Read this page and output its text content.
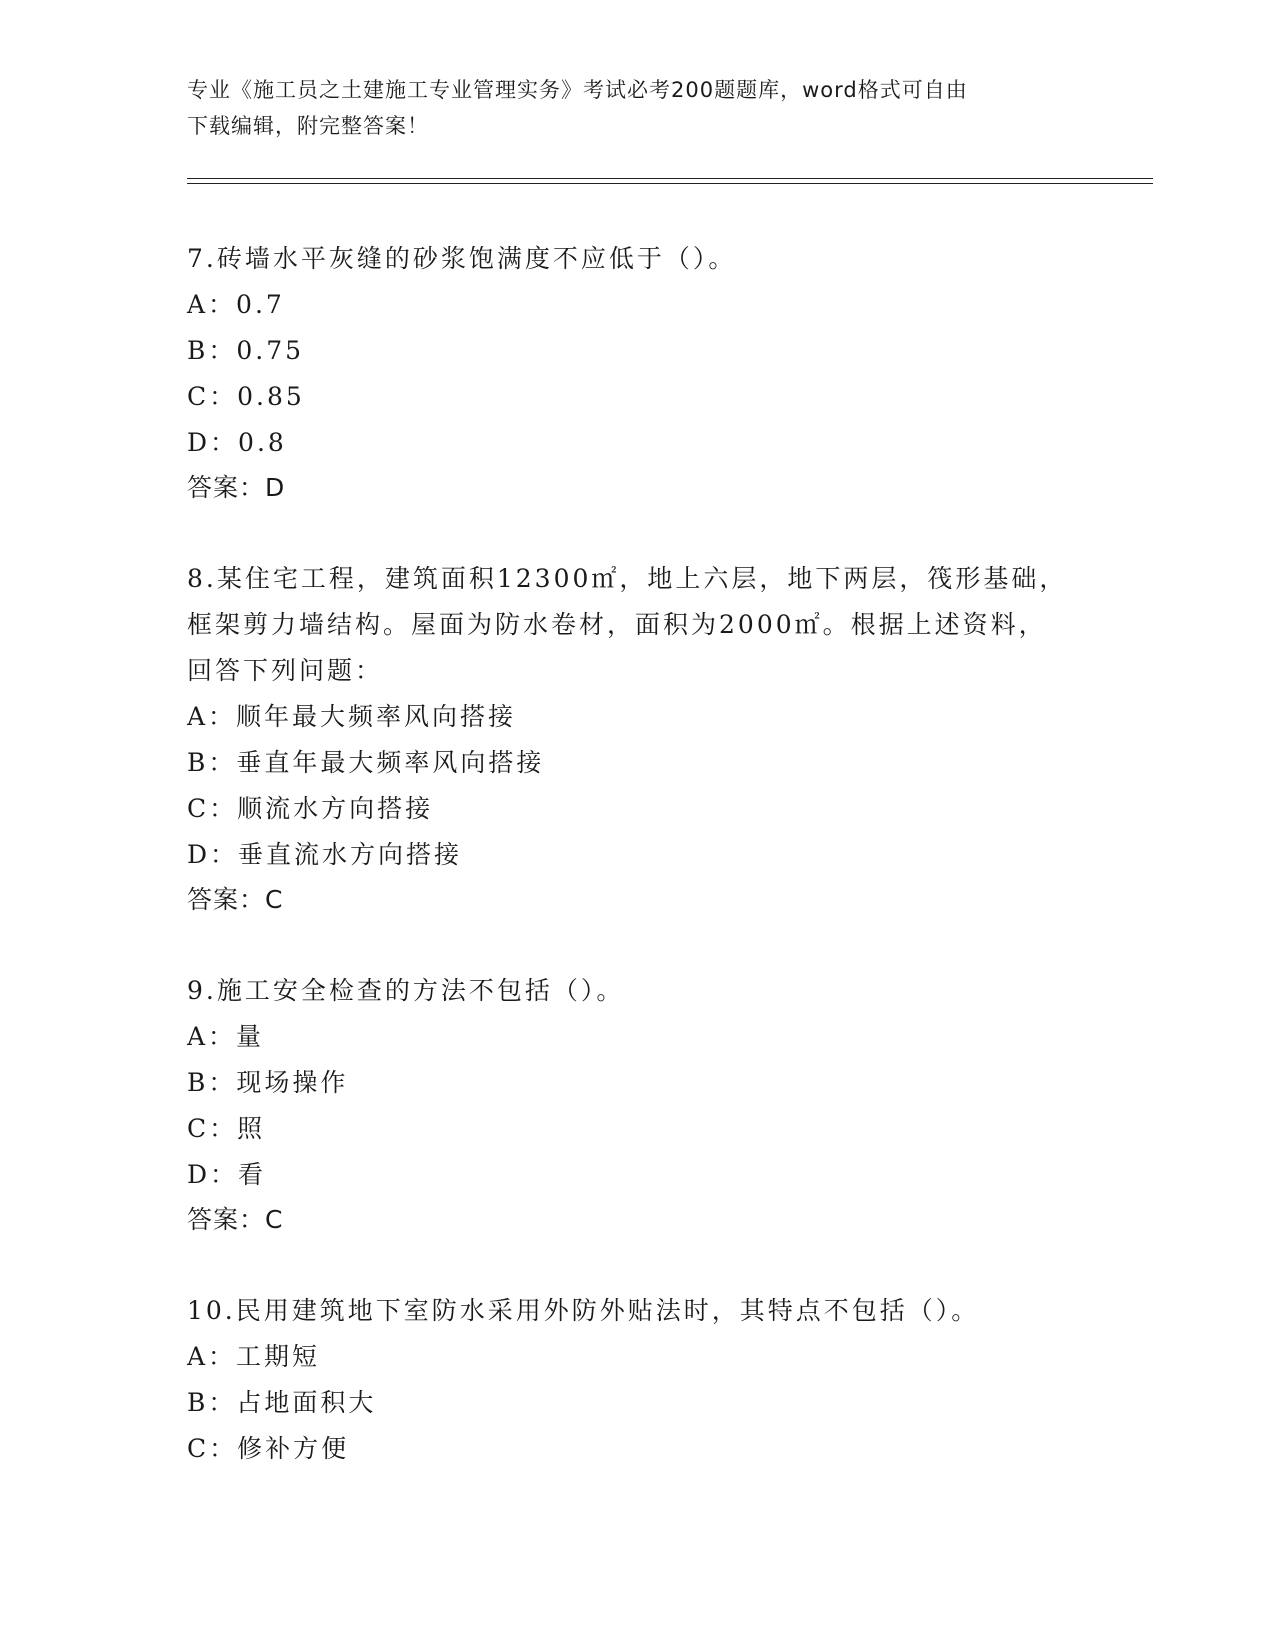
专业《施工员之土建施工专业管理实务》考试必考200题题库，word格式可自由
下载编辑，附完整答案！
7.砖墙水平灰缝的砂浆饱满度不应低于（）。
A：0.7
B：0.75
C：0.85
D：0.8
答案：D
8.某住宅工程，建筑面积12300㎡，地上六层，地下两层，筏形基础，
框架剪力墙结构。屋面为防水卷材，面积为2000㎡。根据上述资料，
回答下列问题：
A：顺年最大频率风向搭接
B：垂直年最大频率风向搭接
C：顺流水方向搭接
D：垂直流水方向搭接
答案：C
9.施工安全检查的方法不包括（）。
A：量
B：现场操作
C：照
D：看
答案：C
10.民用建筑地下室防水采用外防外贴法时，其特点不包括（）。
A：工期短
B：占地面积大
C：修补方便
